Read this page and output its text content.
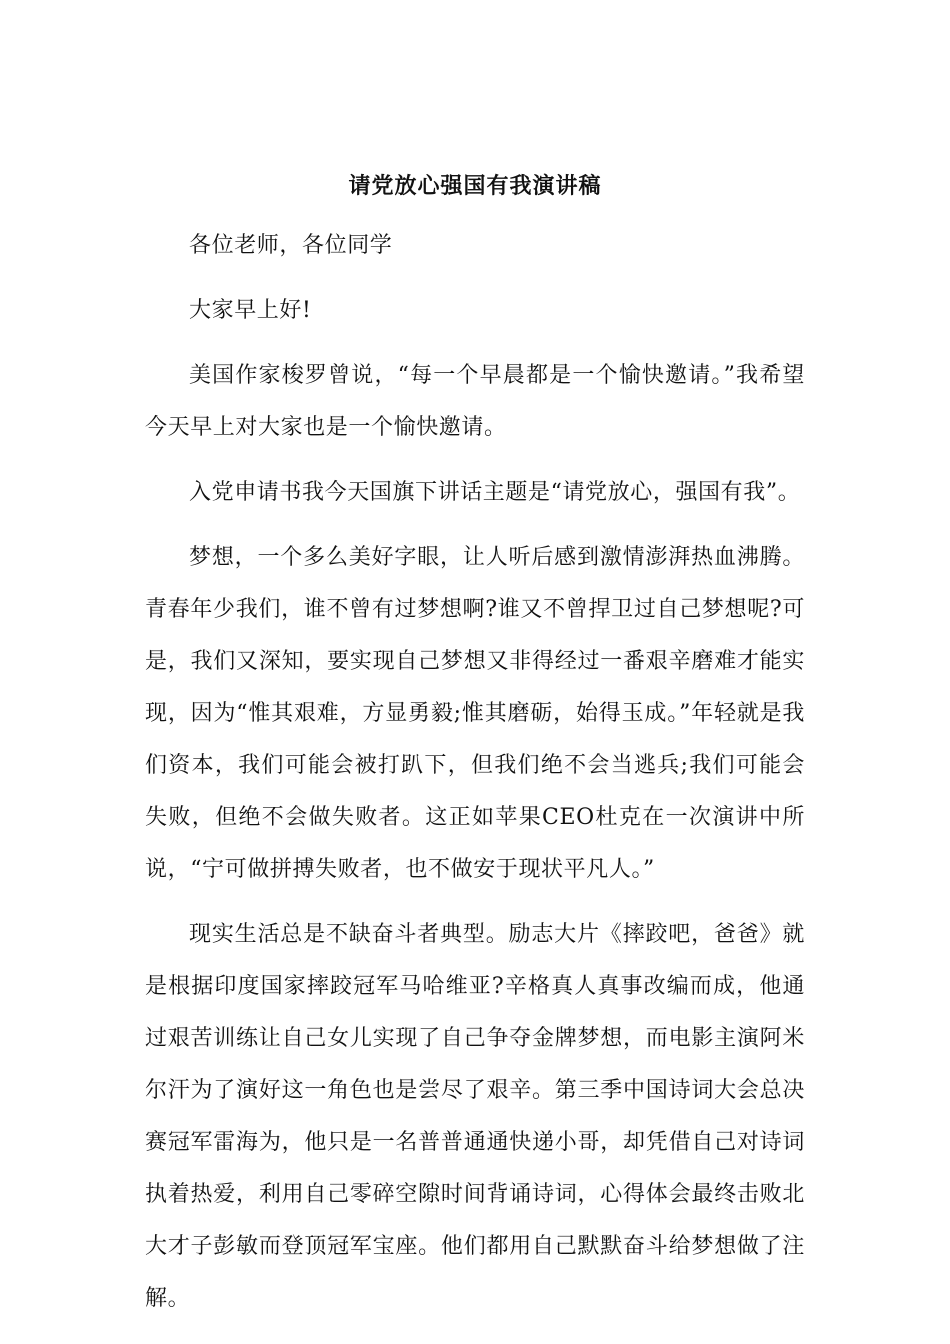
请党放心强国有我演讲稿

各位老师，各位同学

大家早上好!

美国作家梭罗曾说，“每一个早晨都是一个愉快邀请。”我希望今天早上对大家也是一个愉快邀请。

入党申请书我今天国旗下讲话主题是“请党放心，强国有我”。

梦想，一个多么美好字眼，让人听后感到激情澎湃热血沸腾。青春年少我们，谁不曾有过梦想啊?谁又不曾捍卫过自己梦想呢?可是，我们又深知，要实现自己梦想又非得经过一番艰辛磨难才能实现，因为“惟其艰难，方显勇毅;惟其磨砺，始得玉成。”年轻就是我们资本，我们可能会被打趴下，但我们绝不会当逃兵;我们可能会失败，但绝不会做失败者。这正如苹果CEO杜克在一次演讲中所说，“宁可做拼搏失败者，也不做安于现状平凡人。”

现实生活总是不缺奋斗者典型。励志大片《摔跤吧，爸爸》就是根据印度国家摔跤冠军马哈维亚?辛格真人真事改编而成，他通过艰苦训练让自己女儿实现了自己争夺金牌梦想，而电影主演阿米尔汗为了演好这一角色也是尝尽了艰辛。第三季中国诗词大会总决赛冠军雷海为，他只是一名普普通通快递小哥，却凭借自己对诗词执着热爱，利用自己零碎空隙时间背诵诗词，心得体会最终击败北大才子彭敏而登顶冠军宝座。他们都用自己默默奋斗给梦想做了注解。
